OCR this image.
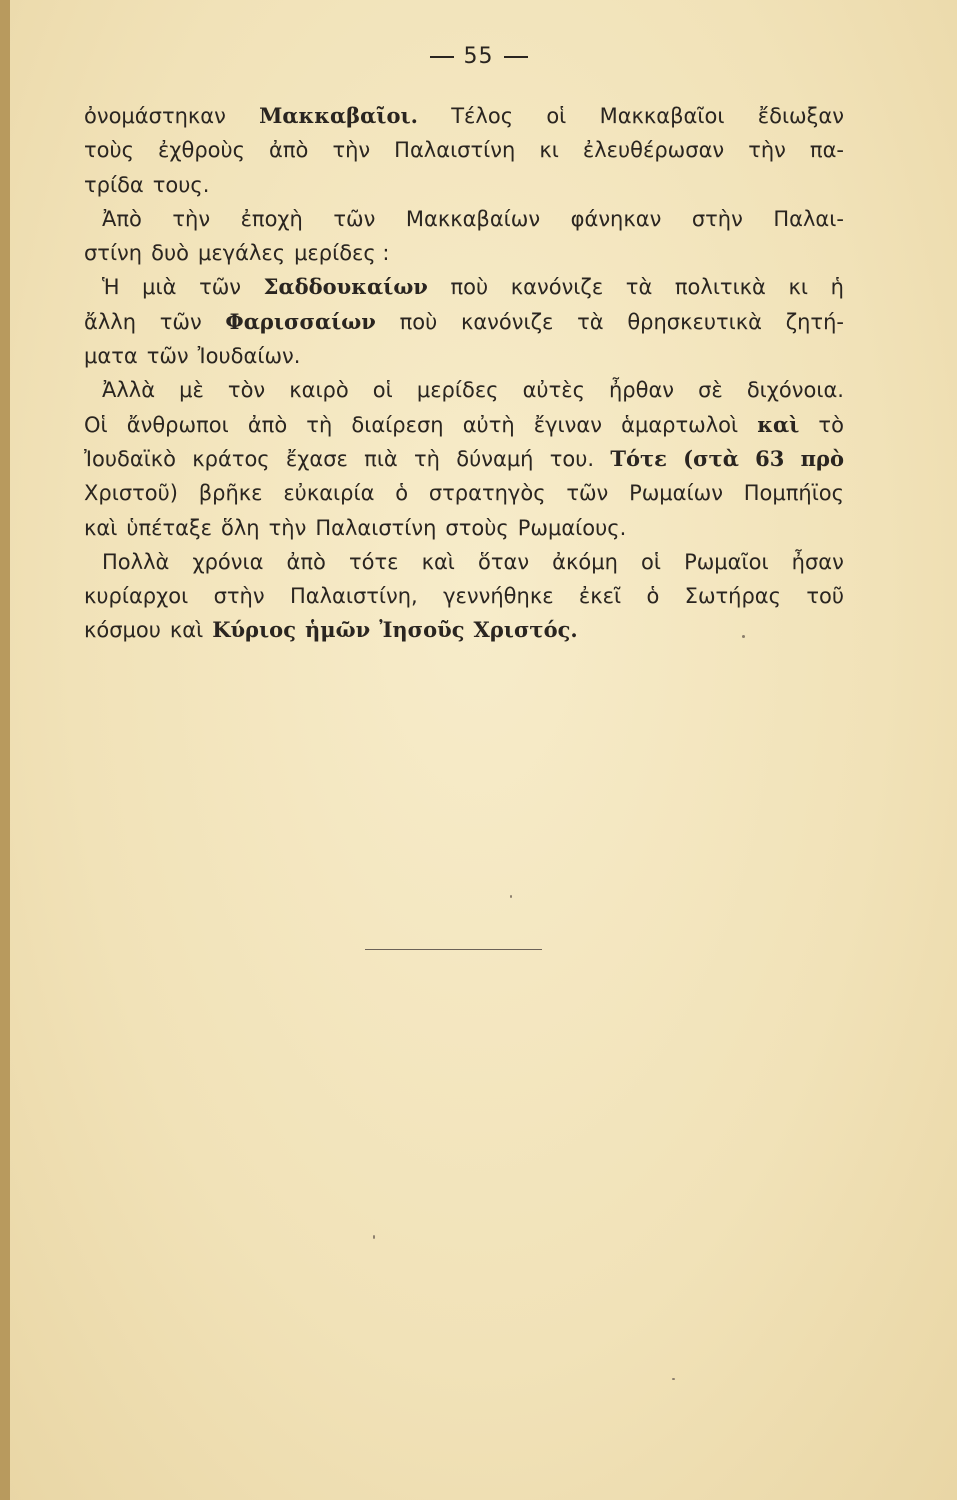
55
ὀνομάστηκαν Μακκαβαῖοι. Τέλος οἱ Μακκαβαῖοι ἔδιωξαν
τοὺς ἐχθροὺς ἀπὸ τὴν Παλαιστίνη κι ἐλευθέρωσαν τὴν πα-
τρίδα τους.
Ἀπὸ τὴν ἐποχὴ τῶν Μακκαβαίων φάνηκαν στὴν Παλαι-
στίνη δυὸ μεγάλες μερίδες :
Ἡ μιὰ τῶν Σαδδουκαίων ποὺ κανόνιζε τὰ πολιτικὰ κι ἡ
ἄλλη τῶν Φαρισσαίων ποὺ κανόνιζε τὰ θρησκευτικὰ ζητή-
ματα τῶν Ἰουδαίων.
Ἀλλὰ μὲ τὸν καιρὸ οἱ μερίδες αὐτὲς ἦρθαν σὲ διχόνοια.
Οἱ ἄνθρωποι ἀπὸ τὴ διαίρεση αὐτὴ ἔγιναν ἁμαρτωλοὶ καὶ τὸ
Ἰουδαϊκὸ κράτος ἔχασε πιὰ τὴ δύναμή του. Τότε (στὰ 63 πρὸ
Χριστοῦ) βρῆκε εὐκαιρία ὁ στρατηγὸς τῶν Ρωμαίων Πομπήϊος
καὶ ὑπέταξε ὅλη τὴν Παλαιστίνη στοὺς Ρωμαίους.
Πολλὰ χρόνια ἀπὸ τότε καὶ ὅταν ἀκόμη οἱ Ρωμαῖοι ἦσαν
κυρίαρχοι στὴν Παλαιστίνη, γεννήθηκε ἐκεῖ ὁ Σωτήρας τοῦ
κόσμου καὶ Κύριος ἡμῶν Ἰησοῦς Χριστός.
